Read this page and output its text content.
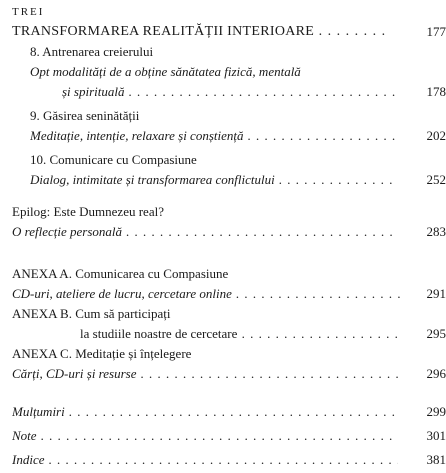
TREI
177
TRANSFORMAREA REALITĂȚII INTERIOARE . . .
8. Antrenarea creierului
Opt modalități de a obține sănătatea fizică, mentală
178
și spirituală . . .
9. Găsirea seninătății
202
Meditație, intenție, relaxare și conștiență . . .
10. Comunicare cu Compasiune
252
Dialog, intimitate și transformarea conflictului . . .
Epilog: Este Dumnezeu real?
283
O reflecție personală . . .
ANEXA A. Comunicarea cu Compasiune
291
CD-uri, ateliere de lucru, cercetare online . . .
ANEXA B. Cum să participați
295
la studiile noastre de cercetare . . .
ANEXA C. Meditație și înțelegere
296
Cărți, CD-uri și resurse . . .
299
Mulțumiri . . .
301
Note . . .
381
Indice . . .
